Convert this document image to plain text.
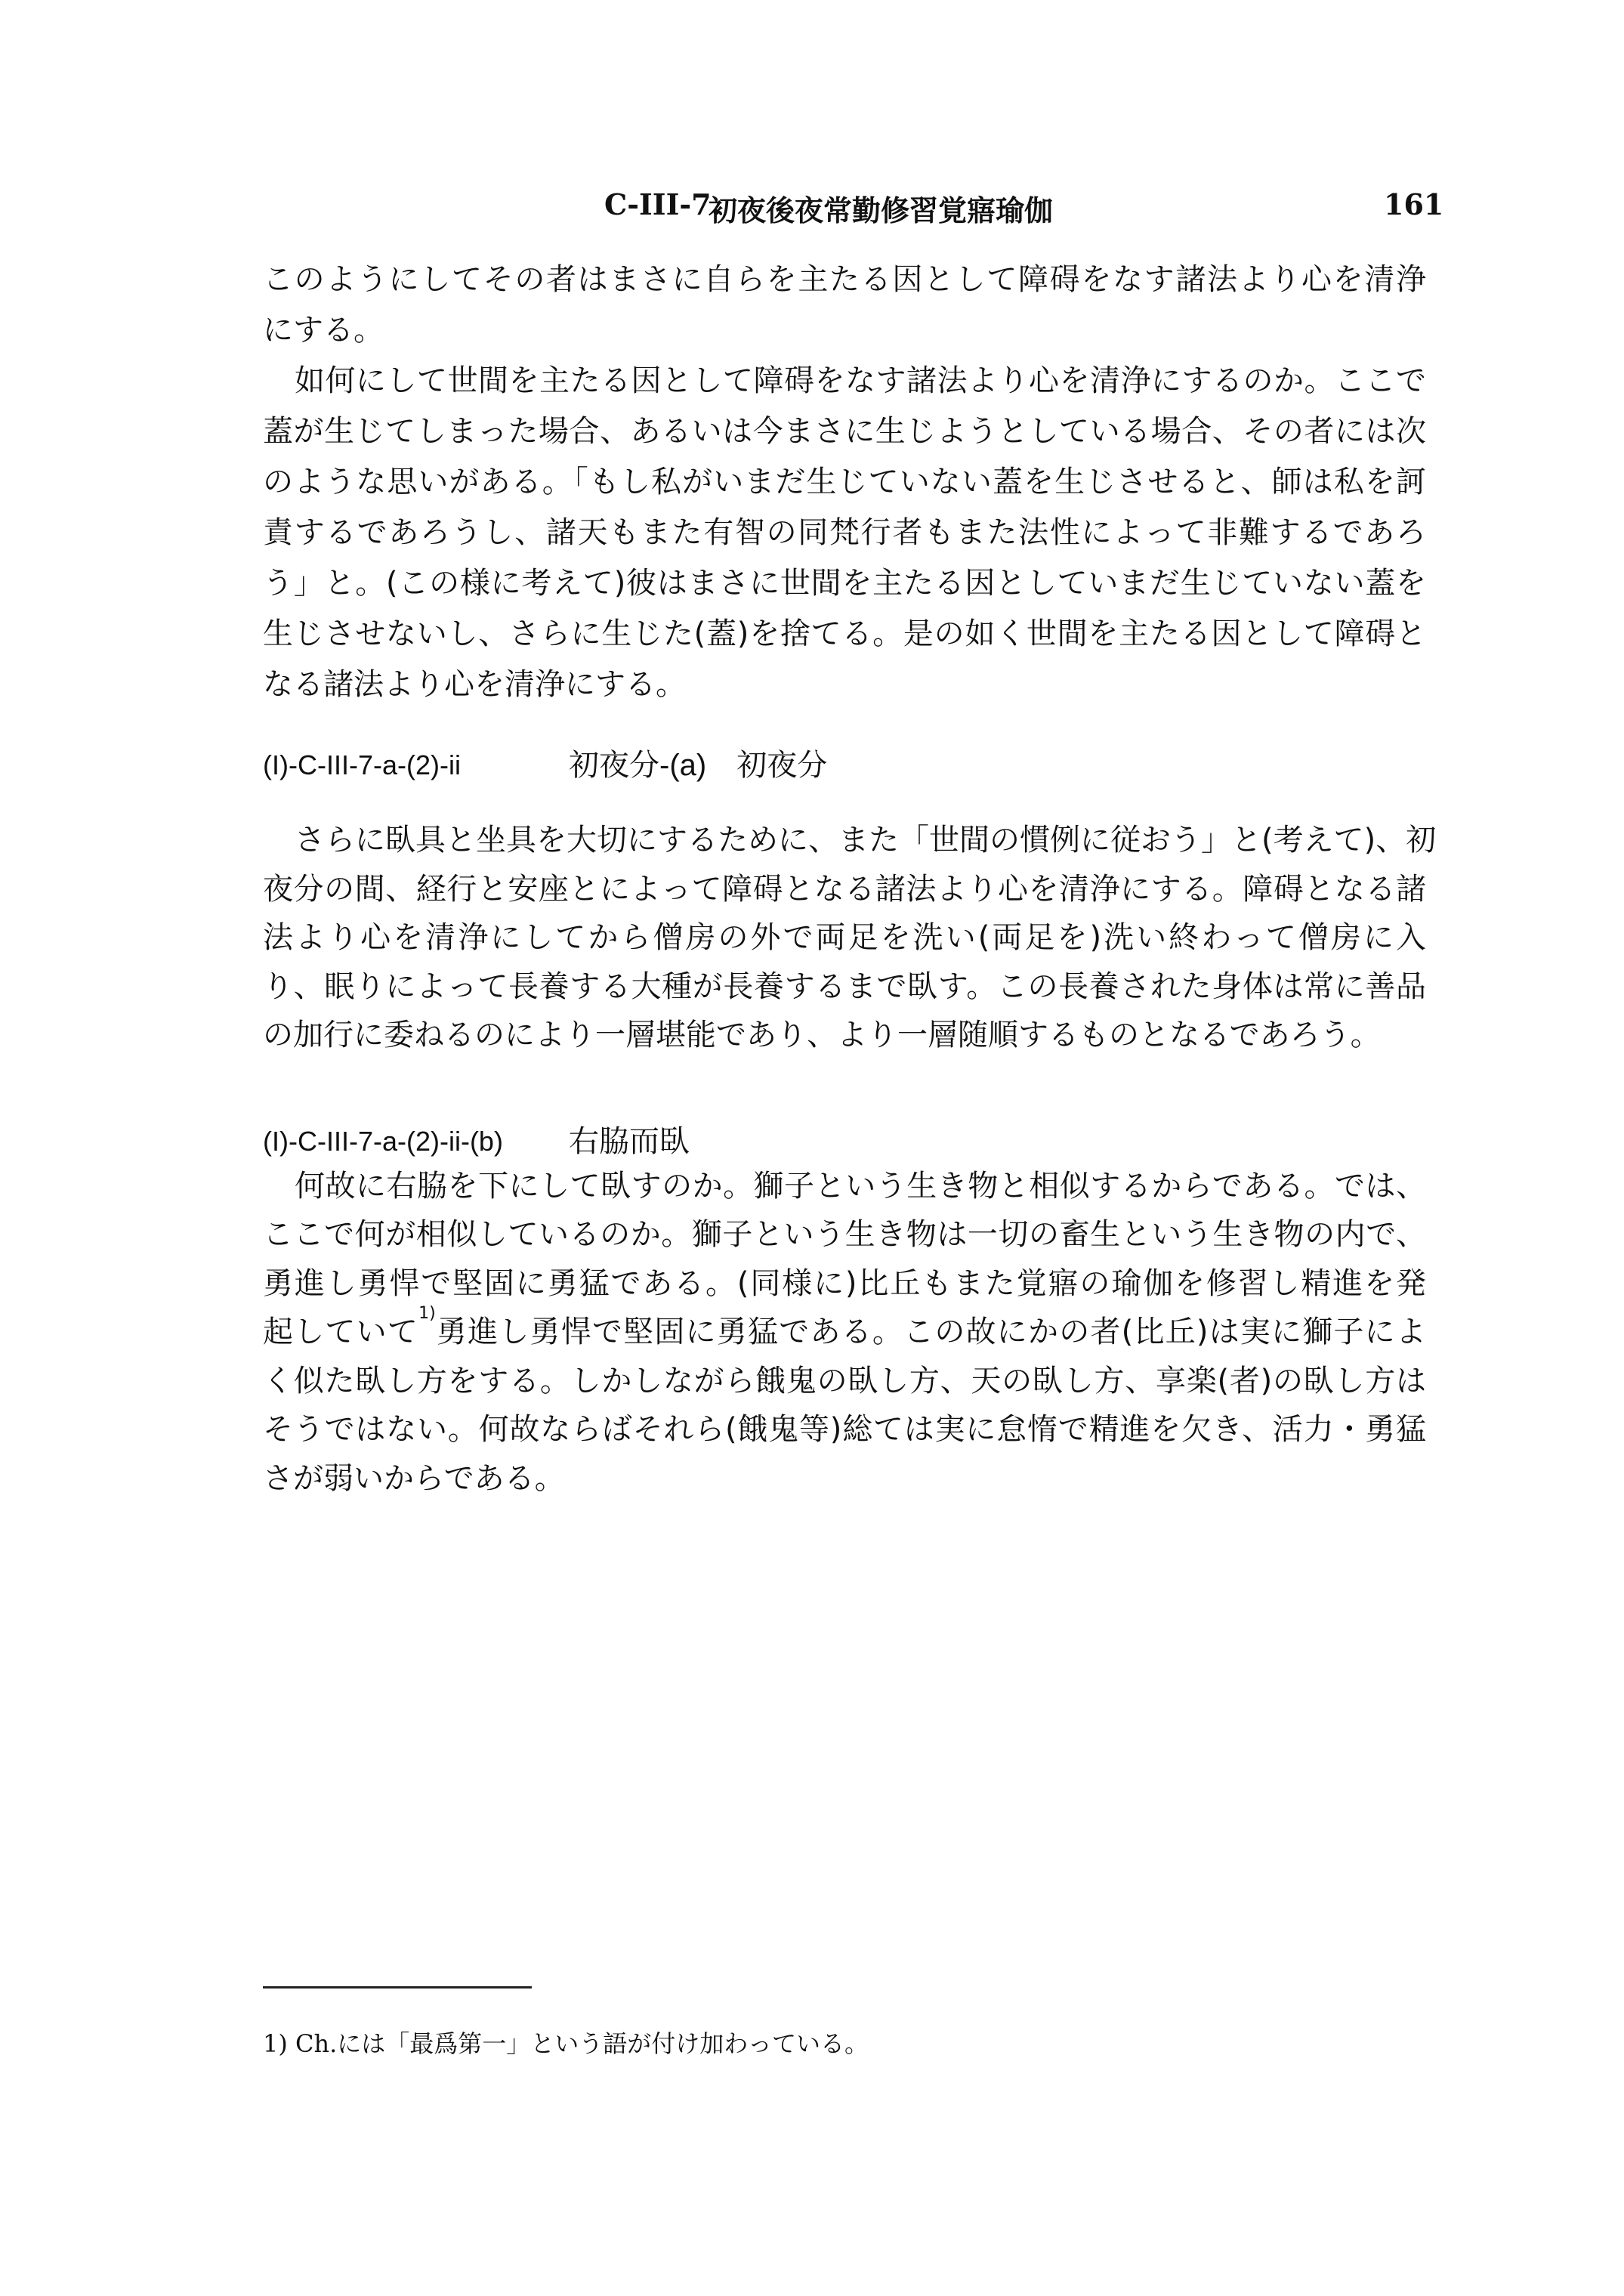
C-III-7.
初夜後夜常勤修習覚寤瑜伽	161
このようにしてその者はまさに自らを主たる因として障碍をなす諸法より心を清浄
にする。
如何にして世間を主たる因として障碍をなす諸法より心を清浄にするのか。ここで
蓋が生じてしまった場合、あるいは今まさに生じようとしている場合、その者には次
のような思いがある。「もし私がいまだ生じていない蓋を生じさせると、師は私を訶
責するであろうし、諸天もまた有智の同梵行者もまた法性によって非難するであろ
う」と。(この様に考えて)彼はまさに世間を主たる因としていまだ生じていない蓋を
生じさせないし、さらに生じた(蓋)を捨てる。是の如く世間を主たる因として障碍と
なる諸法より心を清浄にする。
(I)-C-III-7-a-(2)-ii	初夜分-(a)　初夜分
さらに臥具と坐具を大切にするために、また「世間の慣例に従おう」と(考えて)、初
夜分の間、経行と安座とによって障碍となる諸法より心を清浄にする。障碍となる諸
法より心を清浄にしてから僧房の外で両足を洗い(両足を)洗い終わって僧房に入
り、眠りによって長養する大種が長養するまで臥す。この長養された身体は常に善品
の加行に委ねるのにより一層堪能であり、より一層随順するものとなるであろう。
(I)-C-III-7-a-(2)-ii-(b) 右脇而臥
何故に右脇を下にして臥すのか。獅子という生き物と相似するからである。では、
ここで何が相似しているのか。獅子という生き物は一切の畜生という生き物の内で、
勇進し勇悍で堅固に勇猛である。(同様に)比丘もまた覚寤の瑜伽を修習し精進を発
起していて$^{1)}$勇進し勇悍で堅固に勇猛である。この故にかの者(比丘)は実に獅子によ
く似た臥し方をする。しかしながら餓鬼の臥し方、天の臥し方、享楽(者)の臥し方は
そうではない。何故ならばそれら(餓鬼等)総ては実に怠惰で精進を欠き、活力・勇猛
さが弱いからである。
1) Ch.には「最爲第一」という語が付け加わっている。
